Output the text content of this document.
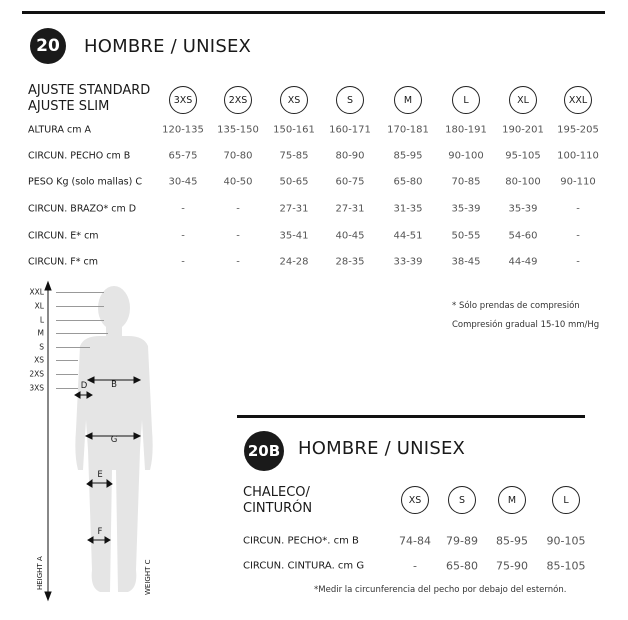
20	HOMBRE / UNISEX
AJUSTE STANDARD
AJUSTE SLIM	3XS	2XS	XS	S	M	L	XL	XXL
ALTURA cm A	120-135 135-150 150-161 160-171 170-181 180-191 190-201 195-205
CIRCUN. PECHO cm B	65-75	70-80	75-85	80-90	85-95	90-100 95-105 100-110
PESO Kg (solo mallas) C	30-45	40-50	50-65	60-75	65-80	70-85 80-100 90-110
CIRCUN. BRAZO* cm D	-	-	27-31	27-31	31-35	35-39	35-39	-
CIRCUN. E* cm	-	-	35-41	40-45	44-51	50-55	54-60	-
CIRCUN. F* cm	-	-	24-28	28-35	33-39	38-45	44-49	-
* Sólo prendas de compresión
Compresión gradual 15-10 mm/Hg
XXL
XL
L
M
S
XS
2XS
3XS	B
D
G
E
F
HEIGHT A	WEIGHT C
20B HOMBRE / UNISEX
CHALECO/
CINTURÓN
XS	S	M	L
CIRCUN. PECHO*. cm B	74-84 79-89 85-95 90-105
CIRCUN. CINTURA. cm G	-	65-80 75-90 85-105
*Medir la circunferencia del pecho por debajo del esternón.
